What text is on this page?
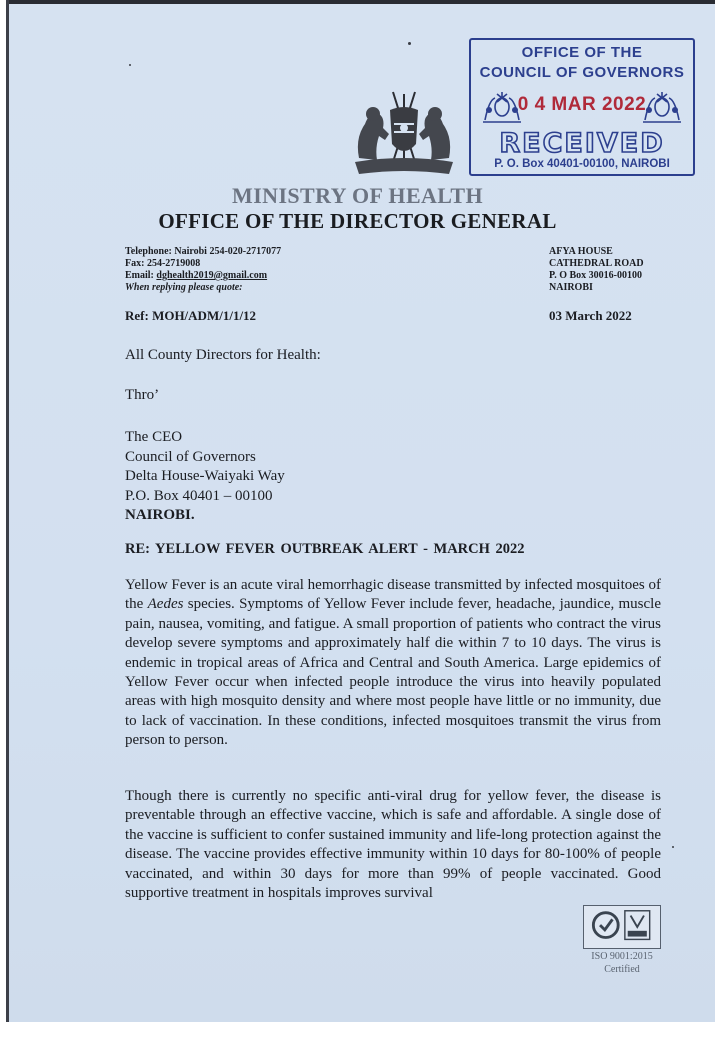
OFFICE OF THE
COUNCIL OF GOVERNORS
0 4 MAR 2022
RECEIVED
P. O. Box 40401-00100, NAIROBI
MINISTRY OF HEALTH
OFFICE OF THE DIRECTOR GENERAL
Telephone: Nairobi 254-020-2717077
Fax: 254-2719008
Email: dghealth2019@gmail.com
When replying please quote:
AFYA HOUSE
CATHEDRAL ROAD
P. O Box 30016-00100
NAIROBI
Ref: MOH/ADM/1/1/12	03 March 2022
All County Directors for Health:
Thro’
The CEO
Council of Governors
Delta House-Waiyaki Way
P.O. Box 40401 – 00100
NAIROBI.
RE: YELLOW FEVER OUTBREAK ALERT - MARCH 2022
Yellow Fever is an acute viral hemorrhagic disease transmitted by infected mosquitoes of the Aedes species. Symptoms of Yellow Fever include fever, headache, jaundice, muscle pain, nausea, vomiting, and fatigue. A small proportion of patients who contract the virus develop severe symptoms and approximately half die within 7 to 10 days. The virus is endemic in tropical areas of Africa and Central and South America. Large epidemics of Yellow Fever occur when infected people introduce the virus into heavily populated areas with high mosquito density and where most people have little or no immunity, due to lack of vaccination. In these conditions, infected mosquitoes transmit the virus from person to person.
Though there is currently no specific anti-viral drug for yellow fever, the disease is preventable through an effective vaccine, which is safe and affordable. A single dose of the vaccine is sufficient to confer sustained immunity and life-long protection against the disease. The vaccine provides effective immunity within 10 days for 80-100% of people vaccinated, and within 30 days for more than 99% of people vaccinated. Good supportive treatment in hospitals improves survival
ISO 9001:2015
Certified
